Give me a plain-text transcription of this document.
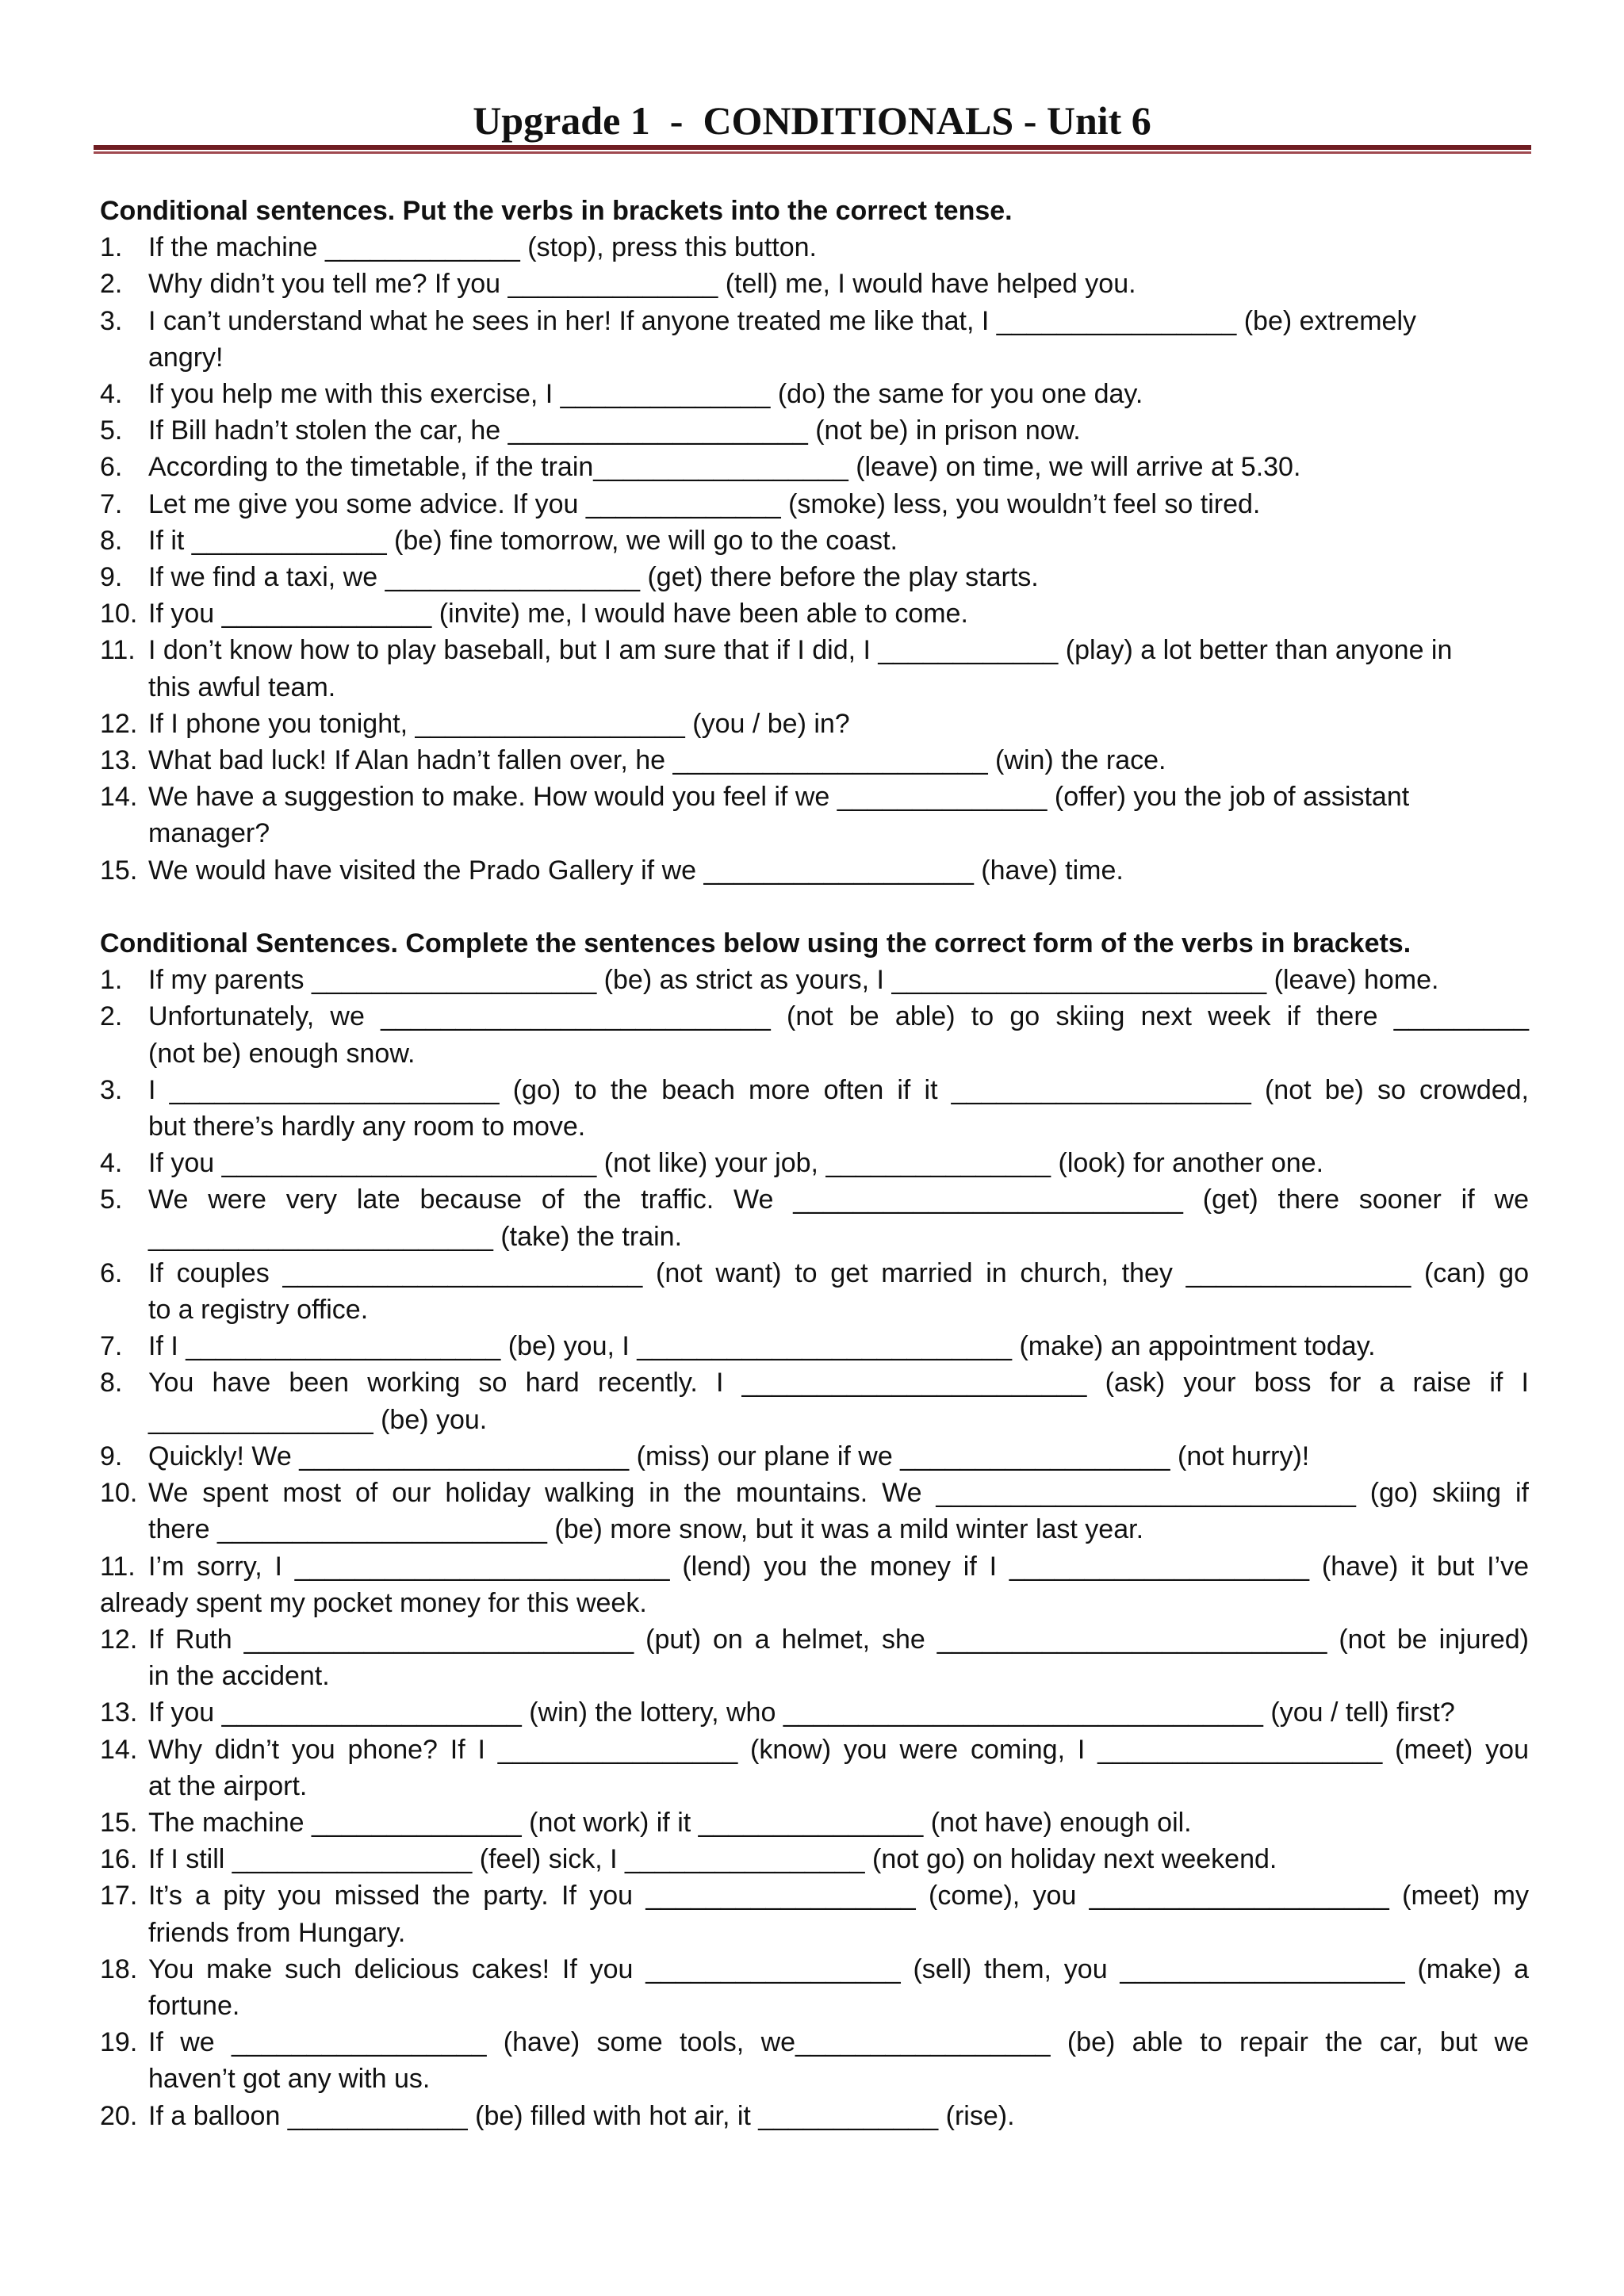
Upgrade 1  -  CONDITIONALS - Unit 6
Conditional sentences. Put the verbs in brackets into the correct tense.
1. If the machine _____________ (stop), press this button.
2. Why didn’t you tell me? If you ______________ (tell) me, I would have helped you.
3. I can’t understand what he sees in her! If anyone treated me like that, I ________________ (be) extremely
angry!
4. If you help me with this exercise, I ______________ (do) the same for you one day.
5. If Bill hadn’t stolen the car, he ____________________ (not be) in prison now.
6. According to the timetable, if the train_________________ (leave) on time, we will arrive at 5.30.
7. Let me give you some advice. If you _____________ (smoke) less, you wouldn’t feel so tired.
8. If it _____________ (be) fine tomorrow, we will go to the coast.
9. If we find a taxi, we _________________ (get) there before the play starts.
10. If you ______________ (invite) me, I would have been able to come.
11. I don’t know how to play baseball, but I am sure that if I did, I ____________ (play) a lot better than anyone in
this awful team.
12. If I phone you tonight, __________________ (you / be) in?
13. What bad luck! If Alan hadn’t fallen over, he _____________________ (win) the race.
14. We have a suggestion to make. How would you feel if we ______________ (offer) you the job of assistant
manager?
15. We would have visited the Prado Gallery if we __________________ (have) time.
Conditional Sentences. Complete the sentences below using the correct form of the verbs in brackets.
1. If my parents ___________________ (be) as strict as yours, I _________________________ (leave) home.
2. Unfortunately, we __________________________ (not be able) to go skiing next week if there _________
(not be) enough snow.
3. I ______________________ (go) to the beach more often if it ____________________ (not be) so crowded,
but there’s hardly any room to move.
4. If you _________________________ (not like) your job, _______________ (look) for another one.
5. We were very late because of the traffic. We __________________________ (get) there sooner if we
_______________________ (take) the train.
6. If couples ________________________ (not want) to get married in church, they _______________ (can) go
to a registry office.
7. If I _____________________ (be) you, I _________________________ (make) an appointment today.
8. You have been working so hard recently. I _______________________ (ask) your boss for a raise if I
_______________ (be) you.
9. Quickly! We ______________________ (miss) our plane if we __________________ (not hurry)!
10. We spent most of our holiday walking in the mountains. We ____________________________ (go) skiing if
there ______________________ (be) more snow, but it was a mild winter last year.
11. I’m sorry, I _________________________ (lend) you the money if I ____________________ (have) it but I’ve
already spent my pocket money for this week.
12. If Ruth __________________________ (put) on a helmet, she __________________________ (not be injured)
in the accident.
13. If you ____________________ (win) the lottery, who ________________________________ (you / tell) first?
14. Why didn’t you phone? If I ________________ (know) you were coming, I ___________________ (meet) you
at the airport.
15. The machine ______________ (not work) if it _______________ (not have) enough oil.
16. If I still ________________ (feel) sick, I ________________ (not go) on holiday next weekend.
17. It’s a pity you missed the party. If you __________________ (come), you ____________________ (meet) my
friends from Hungary.
18. You make such delicious cakes! If you _________________ (sell) them, you ___________________ (make) a
fortune.
19. If we _________________ (have) some tools, we_________________ (be) able to repair the car, but we
haven’t got any with us.
20. If a balloon ____________ (be) filled with hot air, it ____________ (rise).
